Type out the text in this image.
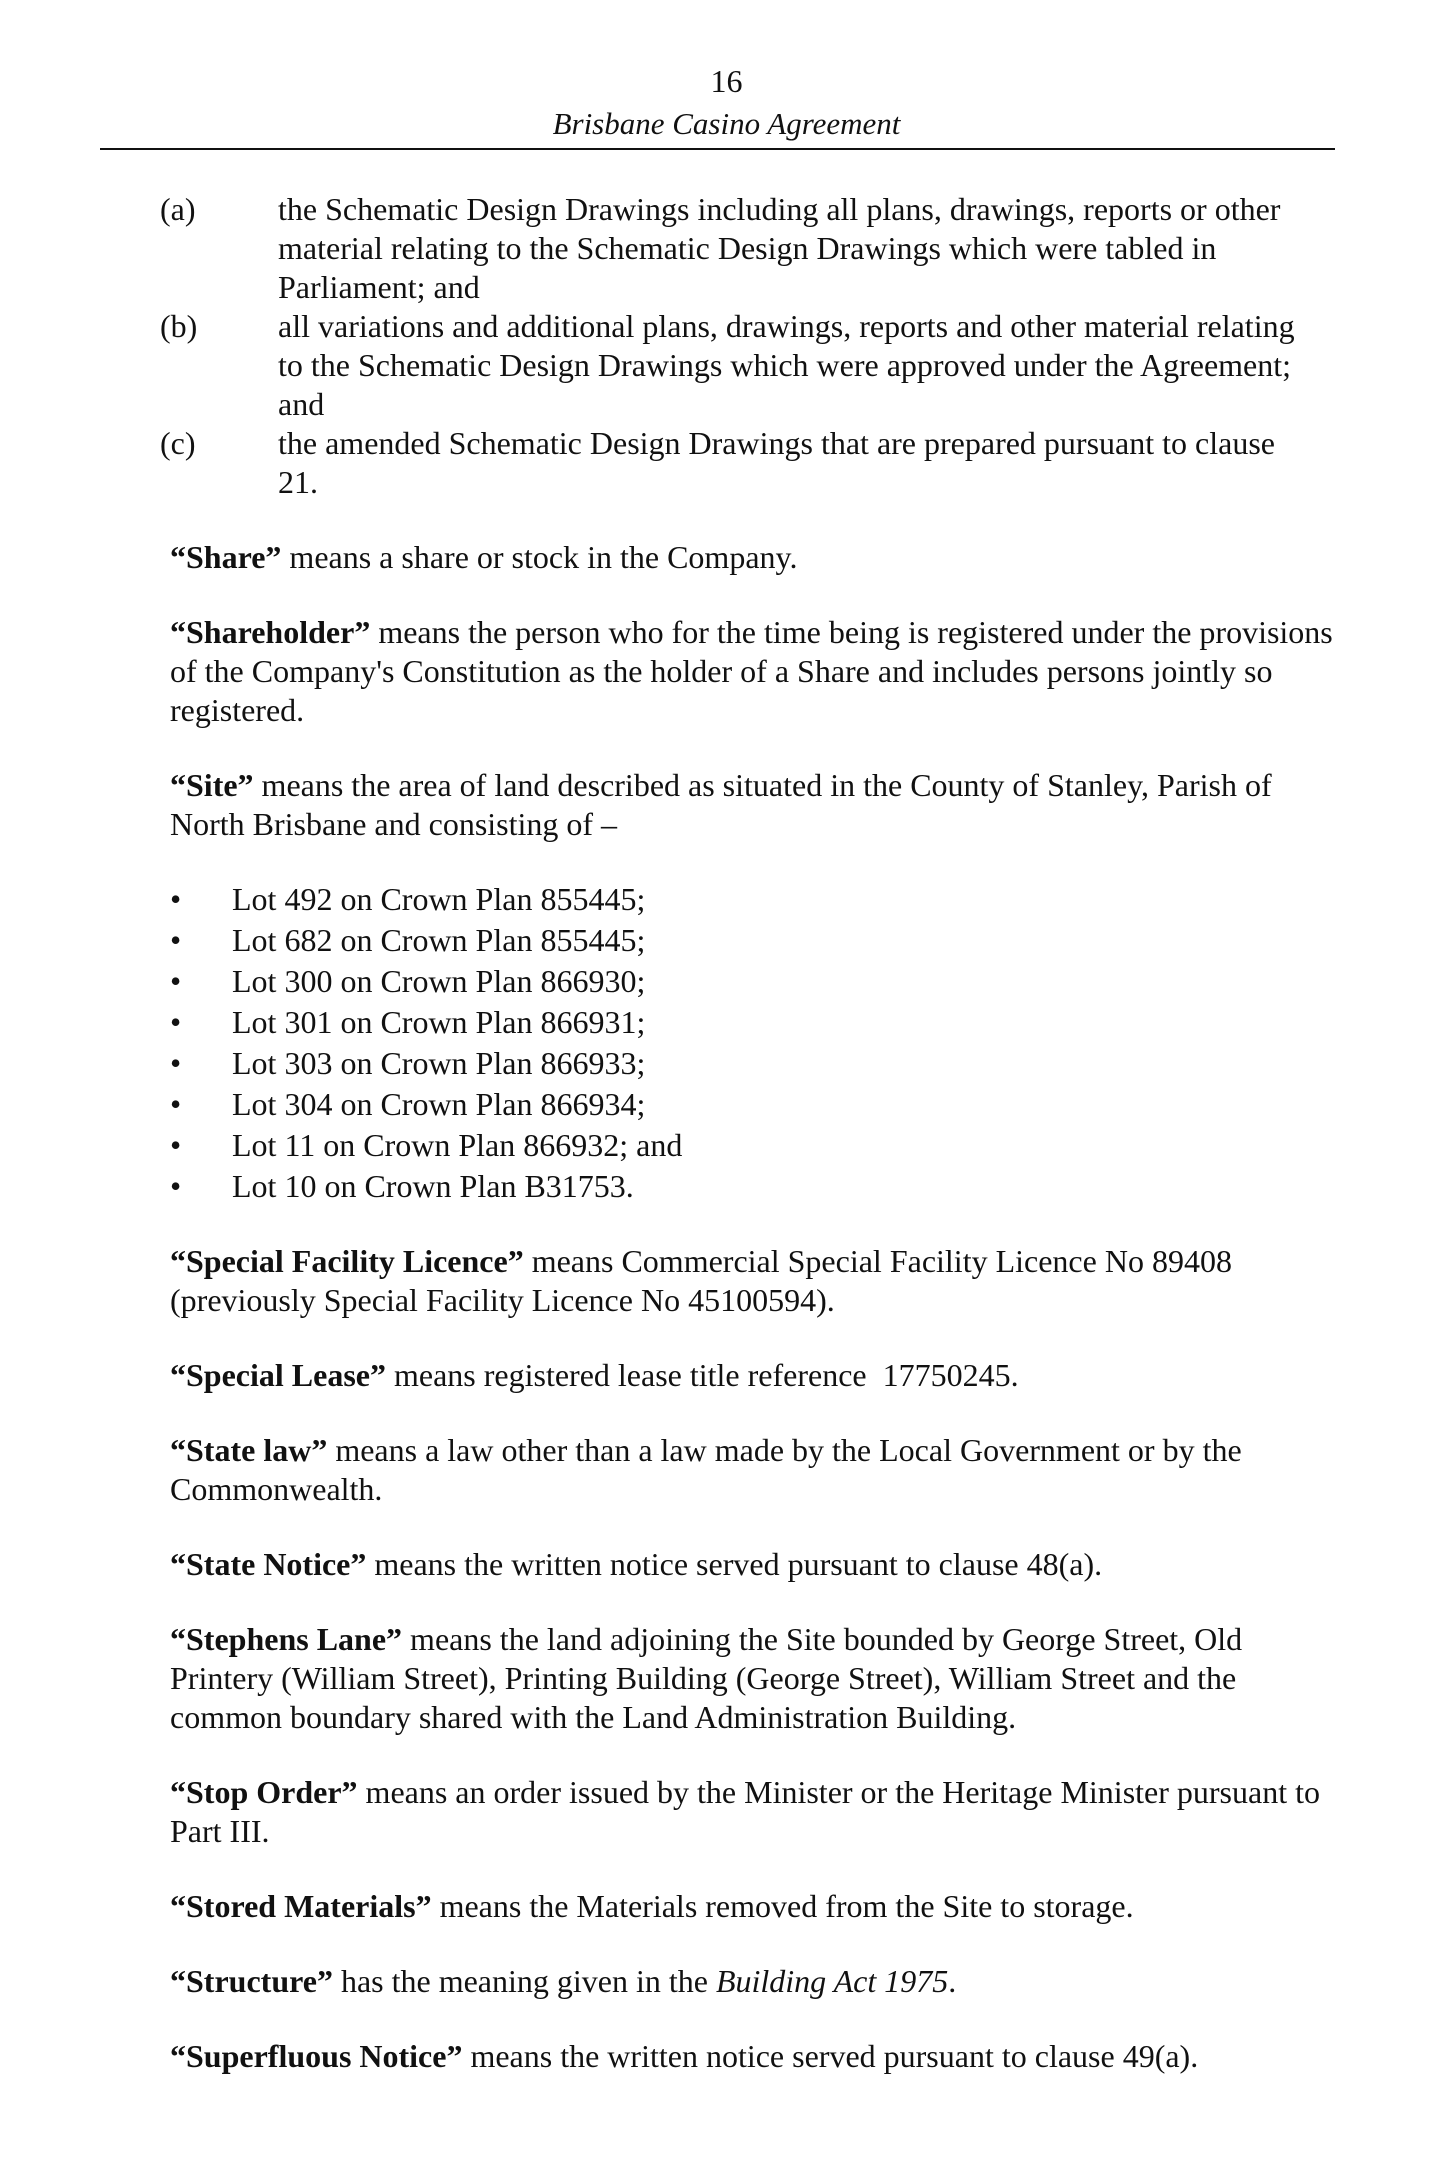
16
Brisbane Casino Agreement
(a)	the Schematic Design Drawings including all plans, drawings, reports or other material relating to the Schematic Design Drawings which were tabled in Parliament; and
(b)	all variations and additional plans, drawings, reports and other material relating to the Schematic Design Drawings which were approved under the Agreement; and
(c)	the amended Schematic Design Drawings that are prepared pursuant to clause 21.

“Share” means a share or stock in the Company.

“Shareholder” means the person who for the time being is registered under the provisions of the Company's Constitution as the holder of a Share and includes persons jointly so registered.

“Site” means the area of land described as situated in the County of Stanley, Parish of North Brisbane and consisting of –

•	Lot 492 on Crown Plan 855445;
•	Lot 682 on Crown Plan 855445;
•	Lot 300 on Crown Plan 866930;
•	Lot 301 on Crown Plan 866931;
•	Lot 303 on Crown Plan 866933;
•	Lot 304 on Crown Plan 866934;
•	Lot 11 on Crown Plan 866932; and
•	Lot 10 on Crown Plan B31753.

“Special Facility Licence” means Commercial Special Facility Licence No 89408 (previously Special Facility Licence No 45100594).

“Special Lease” means registered lease title reference  17750245.

“State law” means a law other than a law made by the Local Government or by the Commonwealth.

“State Notice” means the written notice served pursuant to clause 48(a).

“Stephens Lane” means the land adjoining the Site bounded by George Street, Old Printery (William Street), Printing Building (George Street), William Street and the common boundary shared with the Land Administration Building.

“Stop Order” means an order issued by the Minister or the Heritage Minister pursuant to Part III.

“Stored Materials” means the Materials removed from the Site to storage.

“Structure” has the meaning given in the Building Act 1975.

“Superfluous Notice” means the written notice served pursuant to clause 49(a).
